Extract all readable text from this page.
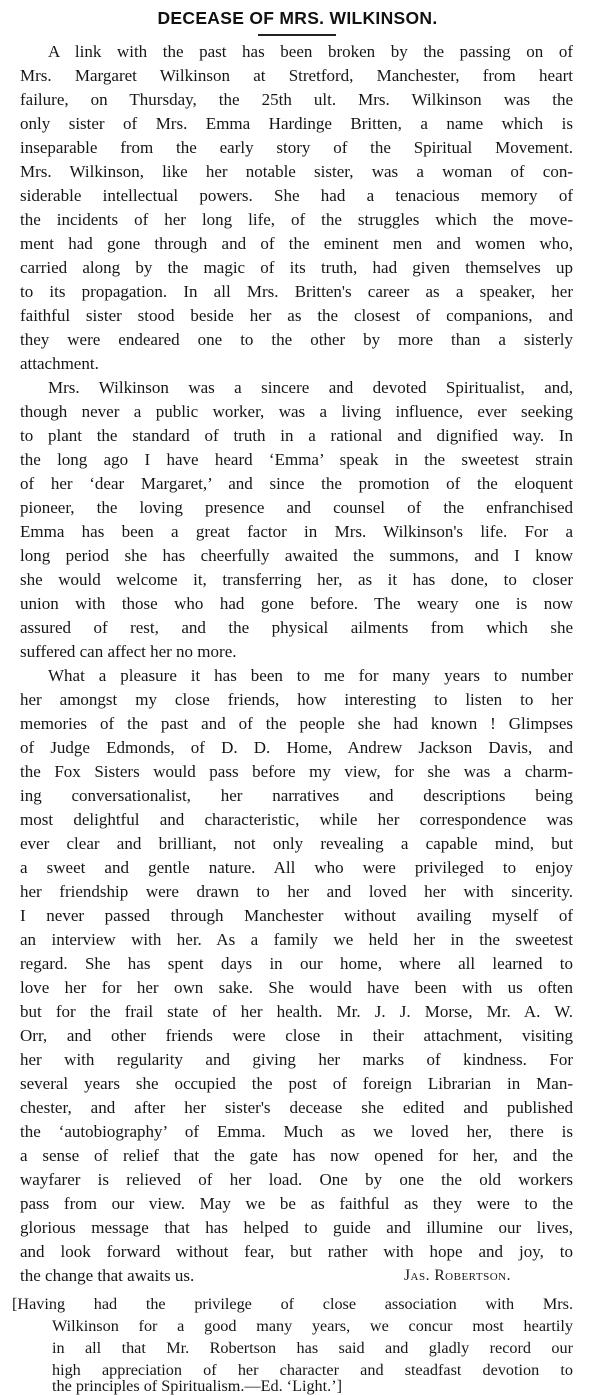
DECEASE OF MRS. WILKINSON.
A link with the past has been broken by the passing on of
Mrs. Margaret Wilkinson at Stretford, Manchester, from heart
failure, on Thursday, the 25th ult. Mrs. Wilkinson was the
only sister of Mrs. Emma Hardinge Britten, a name which is
inseparable from the early story of the Spiritual Movement.
Mrs. Wilkinson, like her notable sister, was a woman of con-
siderable intellectual powers. She had a tenacious memory of
the incidents of her long life, of the struggles which the move-
ment had gone through and of the eminent men and women who,
carried along by the magic of its truth, had given themselves up
to its propagation. In all Mrs. Britten's career as a speaker, her
faithful sister stood beside her as the closest of companions, and
they were endeared one to the other by more than a sisterly
attachment.
Mrs. Wilkinson was a sincere and devoted Spiritualist, and,
though never a public worker, was a living influence, ever seeking
to plant the standard of truth in a rational and dignified way. In
the long ago I have heard ‘Emma’ speak in the sweetest strain
of her ‘dear Margaret,’ and since the promotion of the eloquent
pioneer, the loving presence and counsel of the enfranchised
Emma has been a great factor in Mrs. Wilkinson's life. For a
long period she has cheerfully awaited the summons, and I know
she would welcome it, transferring her, as it has done, to closer
union with those who had gone before. The weary one is now
assured of rest, and the physical ailments from which she
suffered can affect her no more.
What a pleasure it has been to me for many years to number
her amongst my close friends, how interesting to listen to her
memories of the past and of the people she had known ! Glimpses
of Judge Edmonds, of D. D. Home, Andrew Jackson Davis, and
the Fox Sisters would pass before my view, for she was a charm-
ing conversationalist, her narratives and descriptions being
most delightful and characteristic, while her correspondence was
ever clear and brilliant, not only revealing a capable mind, but
a sweet and gentle nature. All who were privileged to enjoy
her friendship were drawn to her and loved her with sincerity.
I never passed through Manchester without availing myself of
an interview with her. As a family we held her in the sweetest
regard. She has spent days in our home, where all learned to
love her for her own sake. She would have been with us often
but for the frail state of her health. Mr. J. J. Morse, Mr. A. W.
Orr, and other friends were close in their attachment, visiting
her with regularity and giving her marks of kindness. For
several years she occupied the post of foreign Librarian in Man-
chester, and after her sister's decease she edited and published
the ‘autobiography’ of Emma. Much as we loved her, there is
a sense of relief that the gate has now opened for her, and the
wayfarer is relieved of her load. One by one the old workers
pass from our view. May we be as faithful as they were to the
glorious message that has helped to guide and illumine our lives,
and look forward without fear, but rather with hope and joy, to
the change that awaits us.	Jas. Robertson.
[Having had the privilege of close association with Mrs.
Wilkinson for a good many years, we concur most heartily
in all that Mr. Robertson has said and gladly record our
high appreciation of her character and steadfast devotion to
the principles of Spiritualism.—Ed. ‘Light.’]
